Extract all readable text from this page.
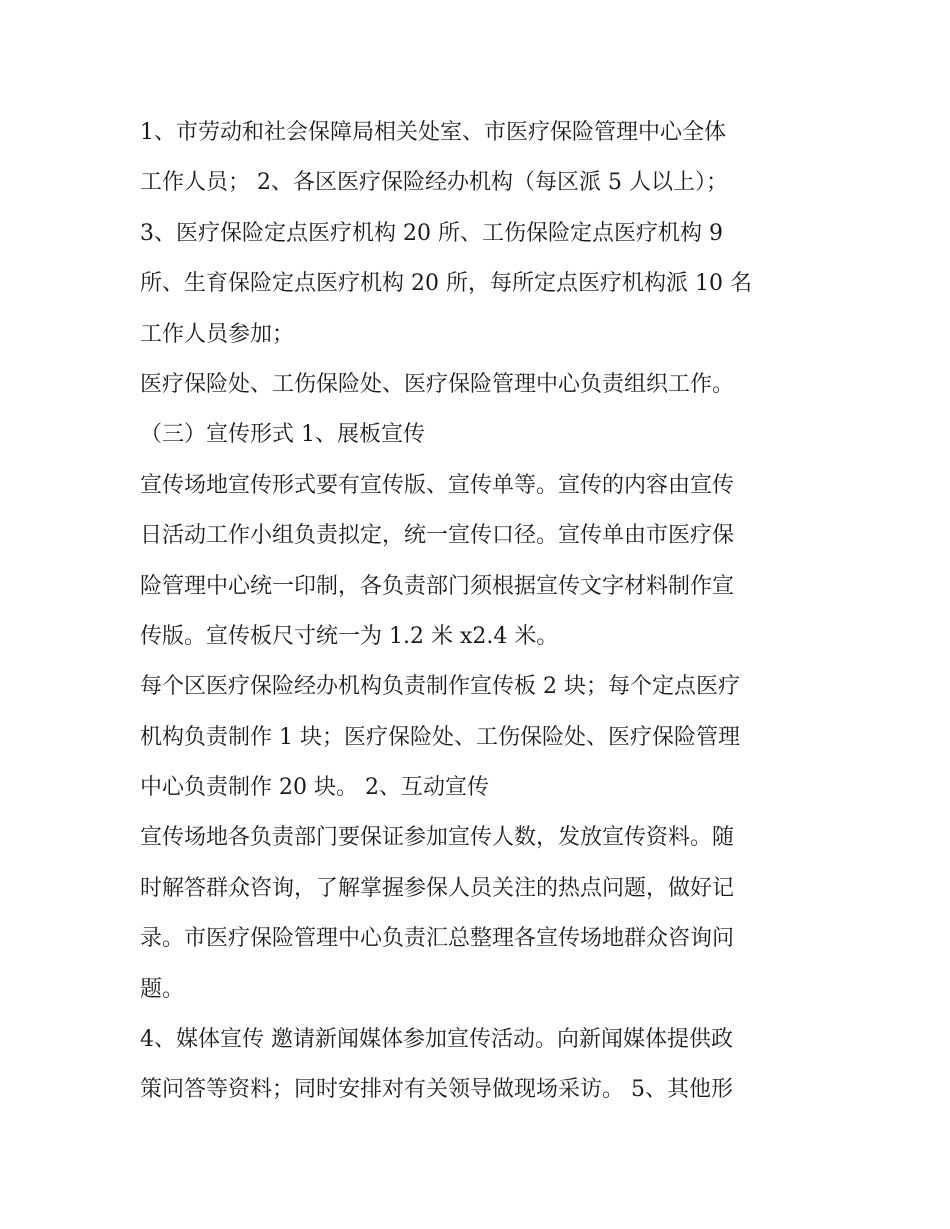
1、市劳动和社会保障局相关处室、市医疗保险管理中心全体
工作人员； 2、各区医疗保险经办机构（每区派 5 人以上）；
3、医疗保险定点医疗机构 20 所、工伤保险定点医疗机构 9
所、生育保险定点医疗机构 20 所，每所定点医疗机构派 10 名
工作人员参加；
医疗保险处、工伤保险处、医疗保险管理中心负责组织工作。
（三）宣传形式 1、展板宣传
宣传场地宣传形式要有宣传版、宣传单等。宣传的内容由宣传
日活动工作小组负责拟定，统一宣传口径。宣传单由市医疗保
险管理中心统一印制，各负责部门须根据宣传文字材料制作宣
传版。宣传板尺寸统一为 1.2 米 x2.4 米。
每个区医疗保险经办机构负责制作宣传板 2 块；每个定点医疗
机构负责制作 1 块；医疗保险处、工伤保险处、医疗保险管理
中心负责制作 20 块。 2、互动宣传
宣传场地各负责部门要保证参加宣传人数，发放宣传资料。随
时解答群众咨询，了解掌握参保人员关注的热点问题，做好记
录。市医疗保险管理中心负责汇总整理各宣传场地群众咨询问
题。
4、媒体宣传 邀请新闻媒体参加宣传活动。向新闻媒体提供政
策问答等资料；同时安排对有关领导做现场采访。 5、其他形
